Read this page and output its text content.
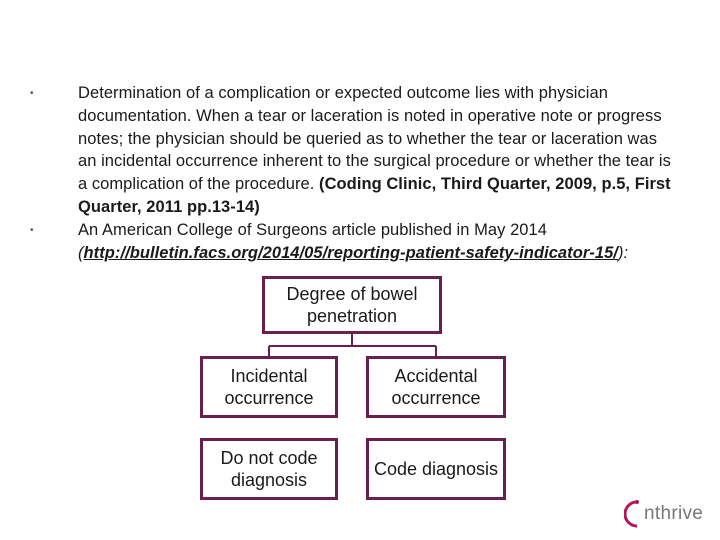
•	Determination of a complication or expected outcome lies with physician documentation. When a tear or laceration is noted in operative note or progress notes; the physician should be queried as to whether the tear or laceration was an incidental occurrence inherent to the surgical procedure or whether the tear is a complication of the procedure. (Coding Clinic, Third Quarter, 2009, p.5, First Quarter, 2011 pp.13-14)
•	An American College of Surgeons article published in May 2014 (http://bulletin.facs.org/2014/05/reporting-patient-safety-indicator-15/):
Degree of bowel penetration
Incidental occurrence
Accidental occurrence
Do not code diagnosis
Code diagnosis
nthrive
